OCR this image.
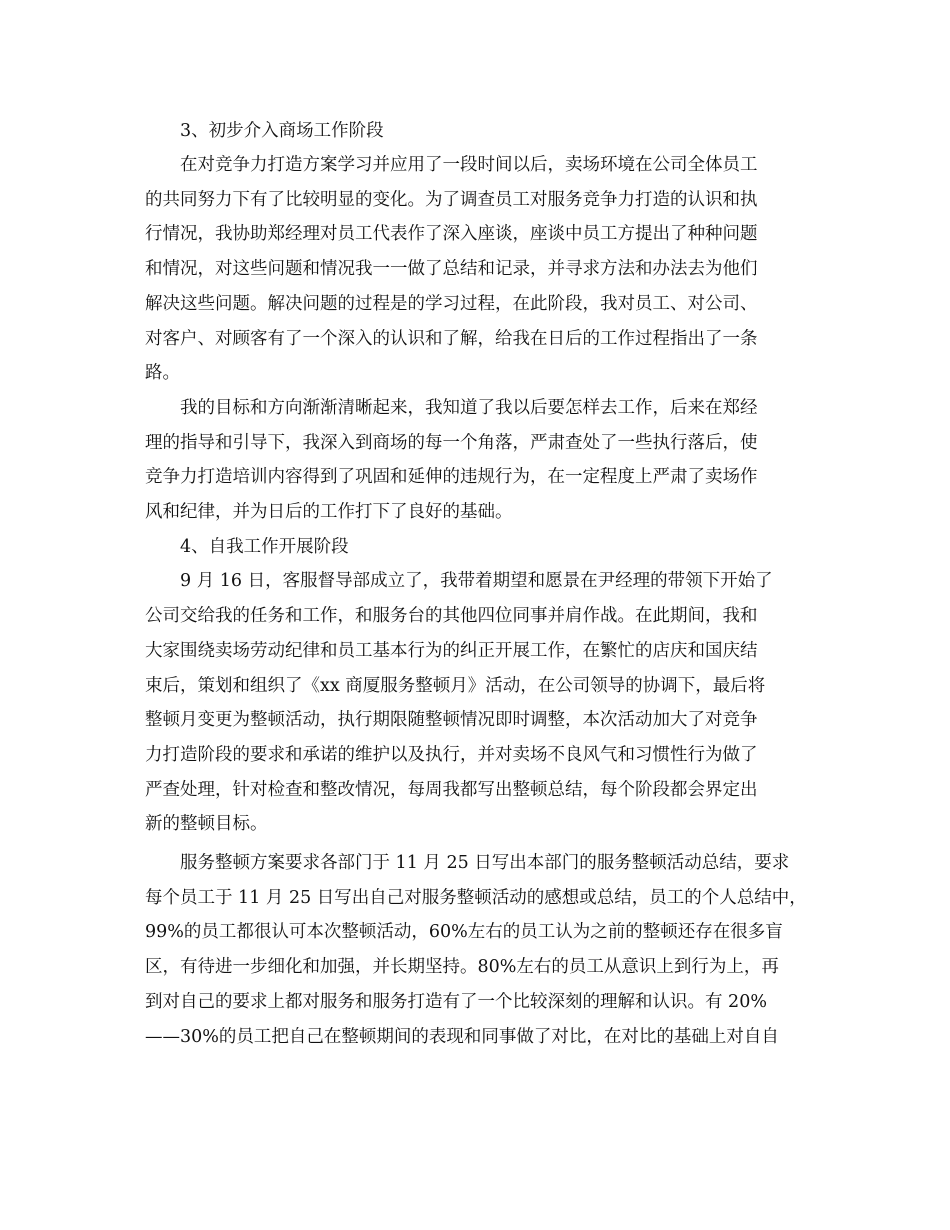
3、初步介入商场工作阶段
在对竞争力打造方案学习并应用了一段时间以后，卖场环境在公司全体员工
的共同努力下有了比较明显的变化。为了调查员工对服务竞争力打造的认识和执
行情况，我协助郑经理对员工代表作了深入座谈，座谈中员工方提出了种种问题
和情况，对这些问题和情况我一一做了总结和记录，并寻求方法和办法去为他们
解决这些问题。解决问题的过程是的学习过程，在此阶段，我对员工、对公司、
对客户、对顾客有了一个深入的认识和了解，给我在日后的工作过程指出了一条
路。
我的目标和方向渐渐清晰起来，我知道了我以后要怎样去工作，后来在郑经
理的指导和引导下，我深入到商场的每一个角落，严肃查处了一些执行落后，使
竞争力打造培训内容得到了巩固和延伸的违规行为，在一定程度上严肃了卖场作
风和纪律，并为日后的工作打下了良好的基础。
4、自我工作开展阶段
9 月 16 日，客服督导部成立了，我带着期望和愿景在尹经理的带领下开始了
公司交给我的任务和工作，和服务台的其他四位同事并肩作战。在此期间，我和
大家围绕卖场劳动纪律和员工基本行为的纠正开展工作，在繁忙的店庆和国庆结
束后，策划和组织了《xx 商厦服务整顿月》活动，在公司领导的协调下，最后将
整顿月变更为整顿活动，执行期限随整顿情况即时调整，本次活动加大了对竞争
力打造阶段的要求和承诺的维护以及执行，并对卖场不良风气和习惯性行为做了
严查处理，针对检查和整改情况，每周我都写出整顿总结，每个阶段都会界定出
新的整顿目标。
服务整顿方案要求各部门于 11 月 25 日写出本部门的服务整顿活动总结，要求
每个员工于 11 月 25 日写出自己对服务整顿活动的感想或总结，员工的个人总结中，
99%的员工都很认可本次整顿活动，60%左右的员工认为之前的整顿还存在很多盲
区，有待进一步细化和加强，并长期坚持。80%左右的员工从意识上到行为上，再
到对自己的要求上都对服务和服务打造有了一个比较深刻的理解和认识。有 20%
——30%的员工把自己在整顿期间的表现和同事做了对比，在对比的基础上对自自
